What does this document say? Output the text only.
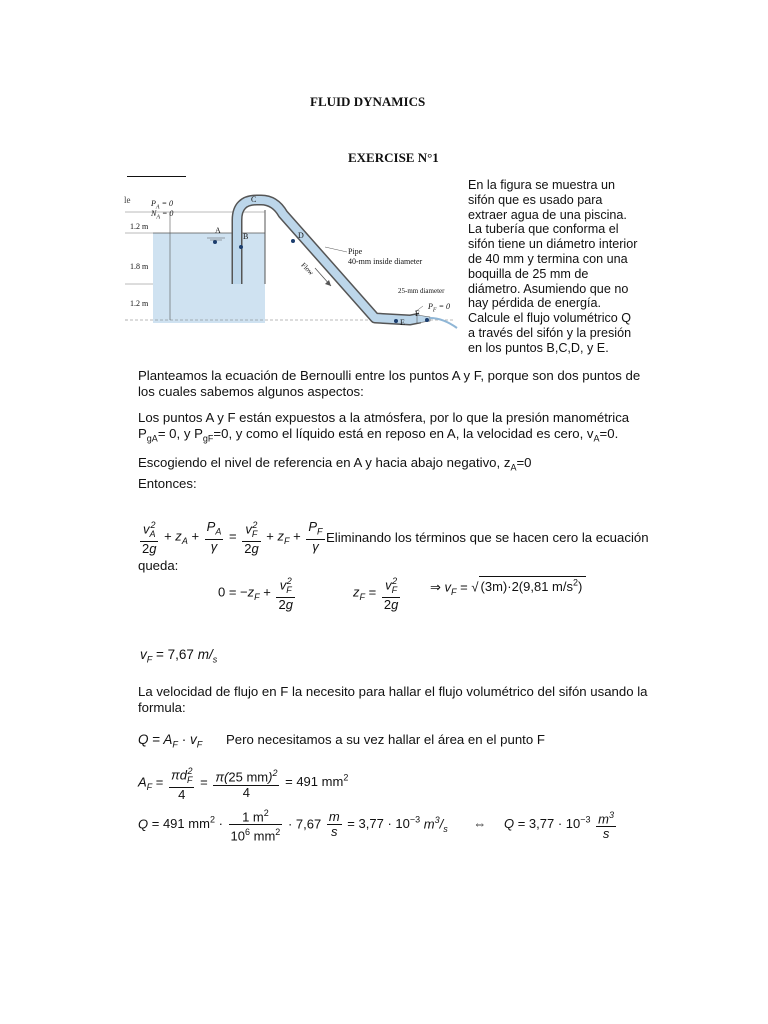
FLUID DYNAMICS
EXERCISE N°1
le	$P_A = 0$
$N_A = 0$
A
B
C
D
E
F
1.2 m
1.8 m
1.2 m
Pipe
40-mm inside diameter
Flow
25-mm diameter
$P_F = 0$
En la figura se muestra un
sifón que es usado para
extraer agua de una piscina.
La tubería que conforma el
sifón tiene un diámetro interior
de 40 mm y termina con una
boquilla de 25 mm de
diámetro. Asumiendo que no
hay pérdida de energía.
Calcule el flujo volumétrico Q
a través del sifón y la presión
en los puntos B,C,D, y E.
Planteamos la ecuación de Bernoulli entre los puntos A y F, porque son dos puntos de los cuales sabemos algunos aspectos:
Los puntos A y F están expuestos a la atmósfera, por lo que la presión manométrica
$P_{gA}= 0$, y $P_{gF}=0$, y como el líquido está en reposo en A, la velocidad es cero, $v_A=0$.
Escogiendo el nivel de referencia en A y hacia abajo negativo, $z_A=0$
Entonces:
$\frac{v_A^2}{2g} + z_A + \frac{P_A}{\gamma} = \frac{v_F^2}{2g} + z_F + \frac{P_F}{\gamma}$ Eliminando los términos que se hacen cero la ecuación
queda:
$0 = -z_F + \frac{v_F^2}{2g}$	$z_F = \frac{v_F^2}{2g}$ ⇒ $v_F$ = √ (3m)·2(9,81 $m/s^2$)
$v_F = 7,67$ $m/_s$
La velocidad de flujo en F la necesito para hallar el flujo volumétrico del sifón usando la formula:
$Q = A_F \cdot v_F$ Pero necesitamos a su vez hallar el área en el punto F
$A_F = \frac{\pi d_F^2}{4} = \frac{\pi(25 mm)^2}{4} = 491$ $mm^2$
Q = 491 $mm^2 \cdot \frac{1 m^2}{10^6 mm^2} \cdot 7,67 \frac{m}{s} = 3,77 \cdot 10^{-3}$ $m^3/_s$ ⇔ $Q = 3,77 \cdot 10^{-3} \frac{m^3}{s}$
